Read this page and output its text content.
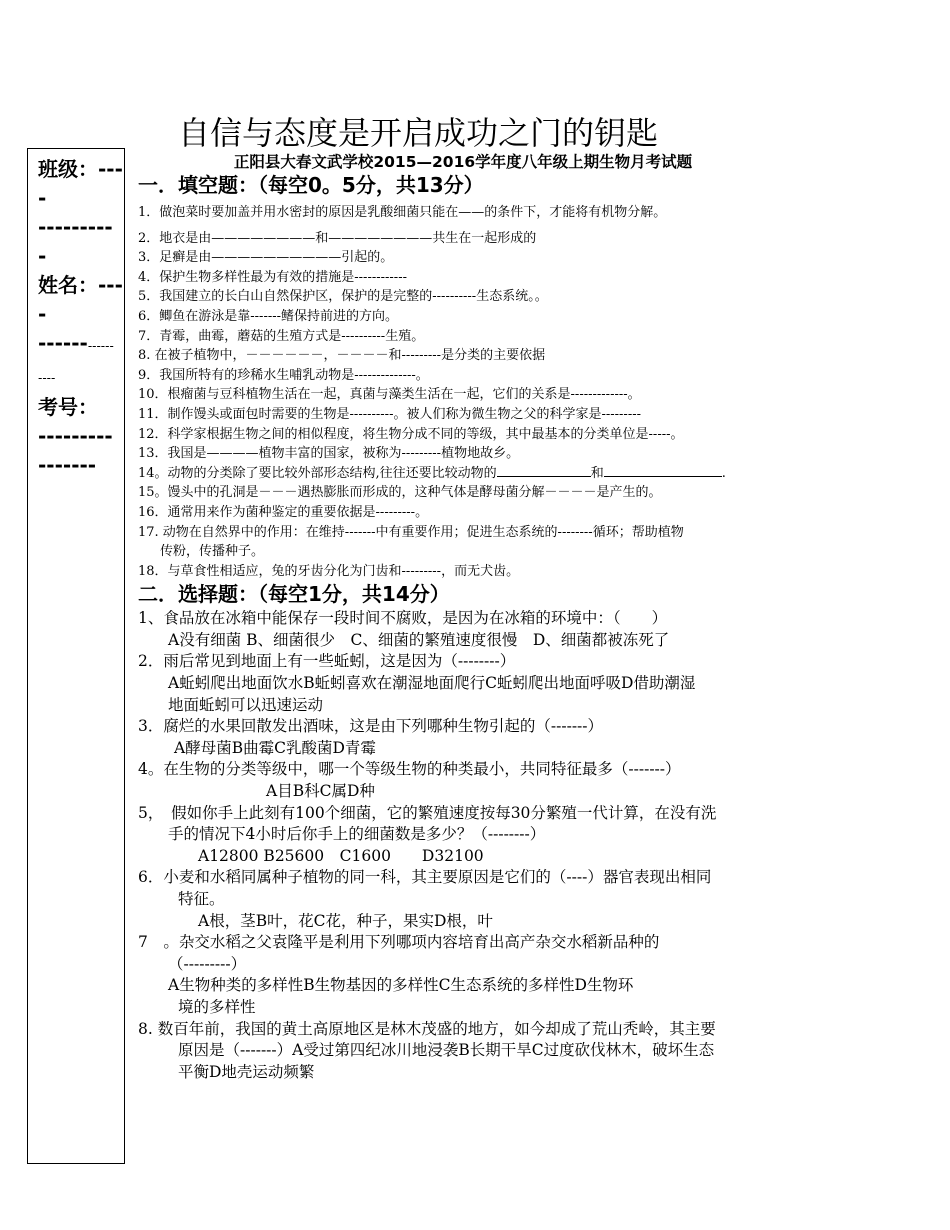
自信与态度是开启成功之门的钥匙
班级：----
---------
-
姓名：----
------------
----
考号：
---------
-------
正阳县大春文武学校2015—2016学年度八年级上期生物月考试题
一．填空题：（每空0。5分，共13分）
1．做泡菜时要加盖并用水密封的原因是乳酸细菌只能在——的条件下，才能将有机物分解。
2．地衣是由————————和————————共生在一起形成的
3．足癣是由——————————引起的。
4．保护生物多样性最为有效的措施是------------
5．我国建立的长白山自然保护区，保护的是完整的----------生态系统。。
6．鲫鱼在游泳是靠-------鳍保持前进的方向。
7．青霉，曲霉，蘑菇的生殖方式是----------生殖。
8. 在被子植物中，－－－－－－，－－－－和---------是分类的主要依据
9．我国所特有的珍稀水生哺乳动物是--------------。
10．根瘤菌与豆科植物生活在一起，真菌与藻类生活在一起，它们的关系是-------------。
11．制作馒头或面包时需要的生物是----------。被人们称为微生物之父的科学家是---------
12．科学家根据生物之间的相似程度，将生物分成不同的等级，其中最基本的分类单位是-----。
13．我国是————植物丰富的国家，被称为---------植物地故乡。
14。动物的分类除了要比较外部形态结构,往往还要比较动物的	和	.
15。馒头中的孔洞是－－－遇热膨胀而形成的，这种气体是酵母菌分解－－－－是产生的。
16．通常用来作为菌种鉴定的重要依据是---------。
17. 动物在自然界中的作用：在维持-------中有重要作用；促进生态系统的--------循环；帮助植物
传粉，传播种子。
18．与草食性相适应，兔的牙齿分化为门齿和---------，而无犬齿。
二．选择题：（每空1分，共14分）
1、食品放在冰箱中能保存一段时间不腐败，是因为在冰箱的环境中：（　　）
A没有细菌 B、细菌很少　C、细菌的繁殖速度很慢　D、细菌都被冻死了
2．雨后常见到地面上有一些蚯蚓，这是因为（--------）
A蚯蚓爬出地面饮水B蚯蚓喜欢在潮湿地面爬行C蚯蚓爬出地面呼吸D借助潮湿
地面蚯蚓可以迅速运动
3．腐烂的水果回散发出酒味，这是由下列哪种生物引起的（-------）
A酵母菌B曲霉C乳酸菌D青霉
4。在生物的分类等级中，哪一个等级生物的种类最小，共同特征最多（-------）
A目B科C属D种
5，　假如你手上此刻有100个细菌，它的繁殖速度按每30分繁殖一代计算，在没有洗
手的情况下4小时后你手上的细菌数是多少？（--------）
A12800 B25600　C1600　　D32100
6．小麦和水稻同属种子植物的同一科，其主要原因是它们的（----）器官表现出相同
特征。
A根，茎B叶，花C花，种子，果实D根，叶
7　。杂交水稻之父袁隆平是利用下列哪项内容培育出高产杂交水稻新品种的
（---------）
A生物种类的多样性B生物基因的多样性C生态系统的多样性D生物环
境的多样性
8. 数百年前，我国的黄土高原地区是林木茂盛的地方，如今却成了荒山秃岭，其主要
原因是（-------）A受过第四纪冰川地浸袭B长期干旱C过度砍伐林木，破坏生态
平衡D地壳运动频繁
